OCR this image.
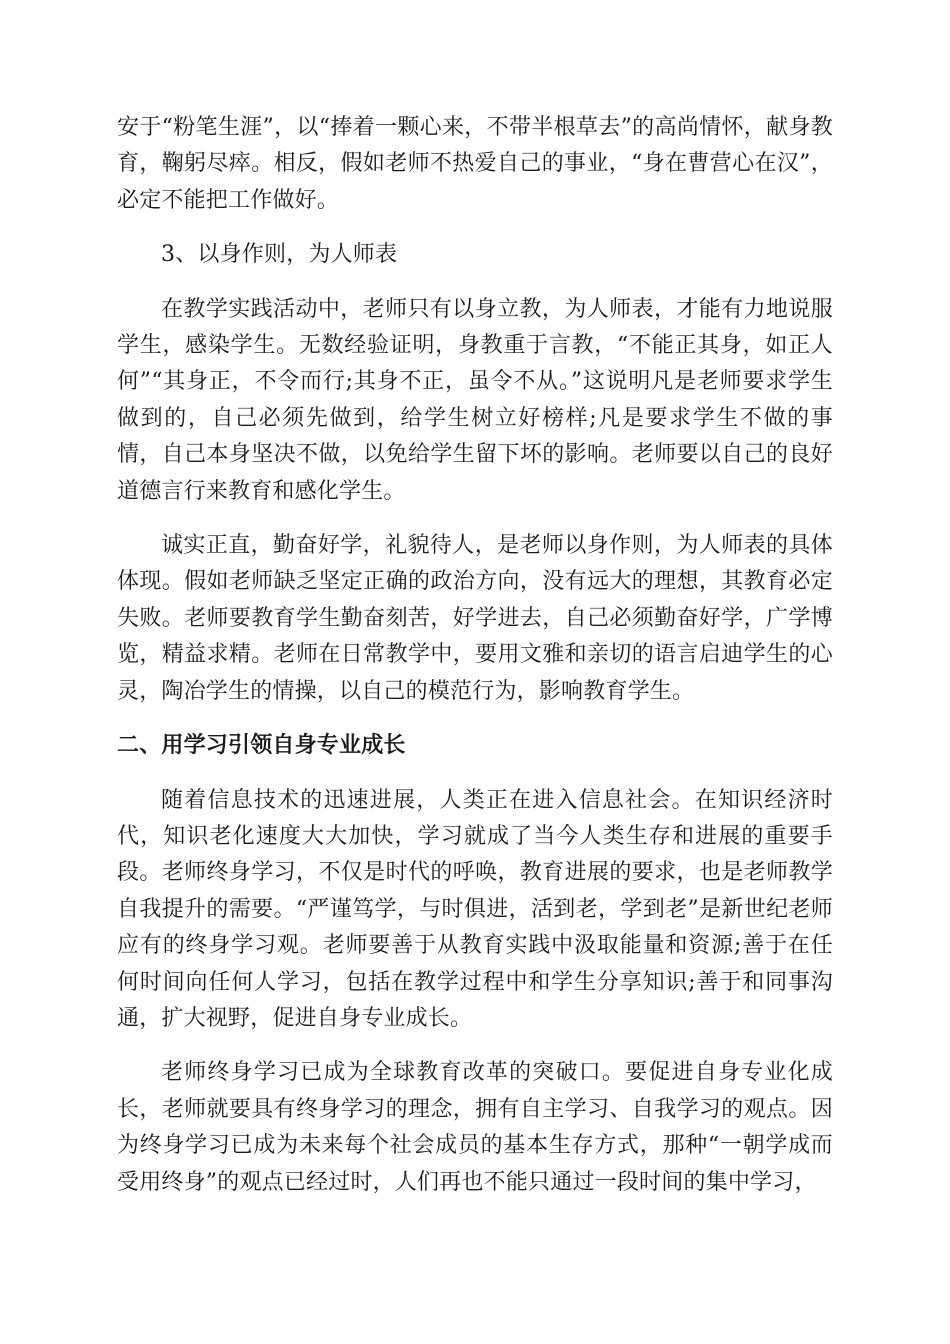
安于“粉笔生涯”，以“捧着一颗心来，不带半根草去”的高尚情怀，献身教育，鞠躬尽瘁。相反，假如老师不热爱自己的事业，“身在曹营心在汉”，必定不能把工作做好。

3、以身作则，为人师表

在教学实践活动中，老师只有以身立教，为人师表，才能有力地说服学生，感染学生。无数经验证明，身教重于言教，“不能正其身，如正人何”“其身正，不令而行;其身不正，虽令不从。”这说明凡是老师要求学生做到的，自己必须先做到，给学生树立好榜样;凡是要求学生不做的事情，自己本身坚决不做，以免给学生留下坏的影响。老师要以自己的良好道德言行来教育和感化学生。

诚实正直，勤奋好学，礼貌待人，是老师以身作则，为人师表的具体体现。假如老师缺乏坚定正确的政治方向，没有远大的理想，其教育必定失败。老师要教育学生勤奋刻苦，好学进去，自己必须勤奋好学，广学博览，精益求精。老师在日常教学中，要用文雅和亲切的语言启迪学生的心灵，陶冶学生的情操，以自己的模范行为，影响教育学生。

二、用学习引领自身专业成长

随着信息技术的迅速进展，人类正在进入信息社会。在知识经济时代，知识老化速度大大加快，学习就成了当今人类生存和进展的重要手段。老师终身学习，不仅是时代的呼唤，教育进展的要求，也是老师教学自我提升的需要。“严谨笃学，与时俱进，活到老，学到老”是新世纪老师应有的终身学习观。老师要善于从教育实践中汲取能量和资源;善于在任何时间向任何人学习，包括在教学过程中和学生分享知识;善于和同事沟通，扩大视野，促进自身专业成长。

老师终身学习已成为全球教育改革的突破口。要促进自身专业化成长，老师就要具有终身学习的理念，拥有自主学习、自我学习的观点。因为终身学习已成为未来每个社会成员的基本生存方式，那种“一朝学成而受用终身”的观点已经过时，人们再也不能只通过一段时间的集中学习，
